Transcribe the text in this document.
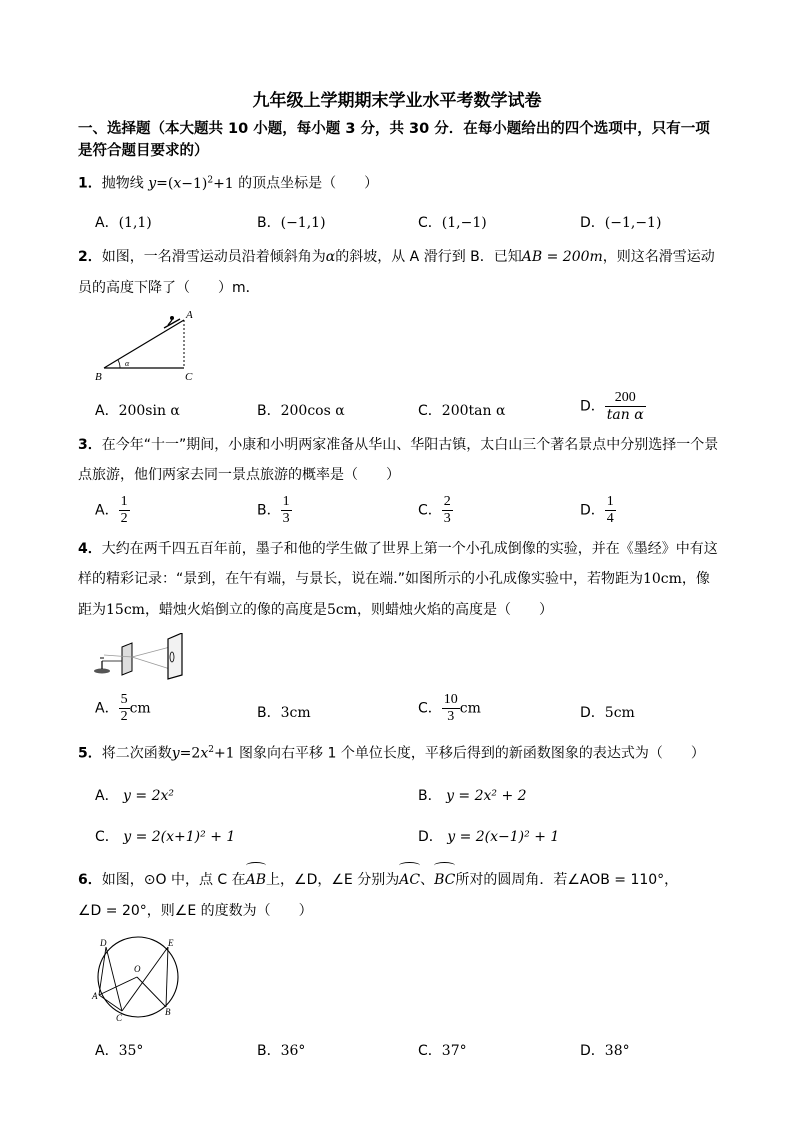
九年级上学期期末学业水平考数学试卷
一、选择题（本大题共 10 小题，每小题 3 分，共 30 分．在每小题给出的四个选项中，只有一项
是符合题目要求的）
1．抛物线 $y=(x-1)^2+1$ 的顶点坐标是（　　）
A．(1,1)	B．(−1,1)	C．(1,−1)	D．(−1,−1)
2．如图，一名滑雪运动员沿着倾斜角为α的斜坡，从 A 滑行到 B．已知AB = 200m，则这名滑雪运动
员的高度下降了（　　）m．
A
B	C
α
A．200sin α	B．200cos α	C．200tan α	D． $\frac{200}{\text{tan α}}$
3．在今年“十一”期间，小康和小明两家准备从华山、华阳古镇，太白山三个著名景点中分别选择一个景
点旅游，他们两家去同一景点旅游的概率是（　　）
A． $\frac{1}{2}$	B． $\frac{1}{3}$	C． $\frac{2}{3}$	D． $\frac{1}{4}$
4．大约在两千四五百年前，墨子和他的学生做了世界上第一个小孔成倒像的实验，并在《墨经》中有这
样的精彩记录：“景到，在午有端，与景长，说在端.”如图所示的小孔成像实验中，若物距为10cm，像
距为15cm，蜡烛火焰倒立的像的高度是5cm，则蜡烛火焰的高度是（　　）
A． $\frac{5}{2}$ cm	B．3cm	C． $\frac{10}{3}$ cm	D．5cm
5．将二次函数$y=2x^2+1$ 图象向右平移 1 个单位长度，平移后得到的新函数图象的表达式为（　　）
A． y = 2x²	B． y = 2x² + 2
C． y = 2(x+1)² + 1	D． y = 2(x−1)² + 1
6．如图，⊙O 中，点 C 在AB上，∠D，∠E 分别为AC、BC所对的圆周角．若∠AOB = 110°，
∠D = 20°，则∠E 的度数为（　　）
D	E
O
A
B
C
A．35°	B．36°	C．37°	D．38°
